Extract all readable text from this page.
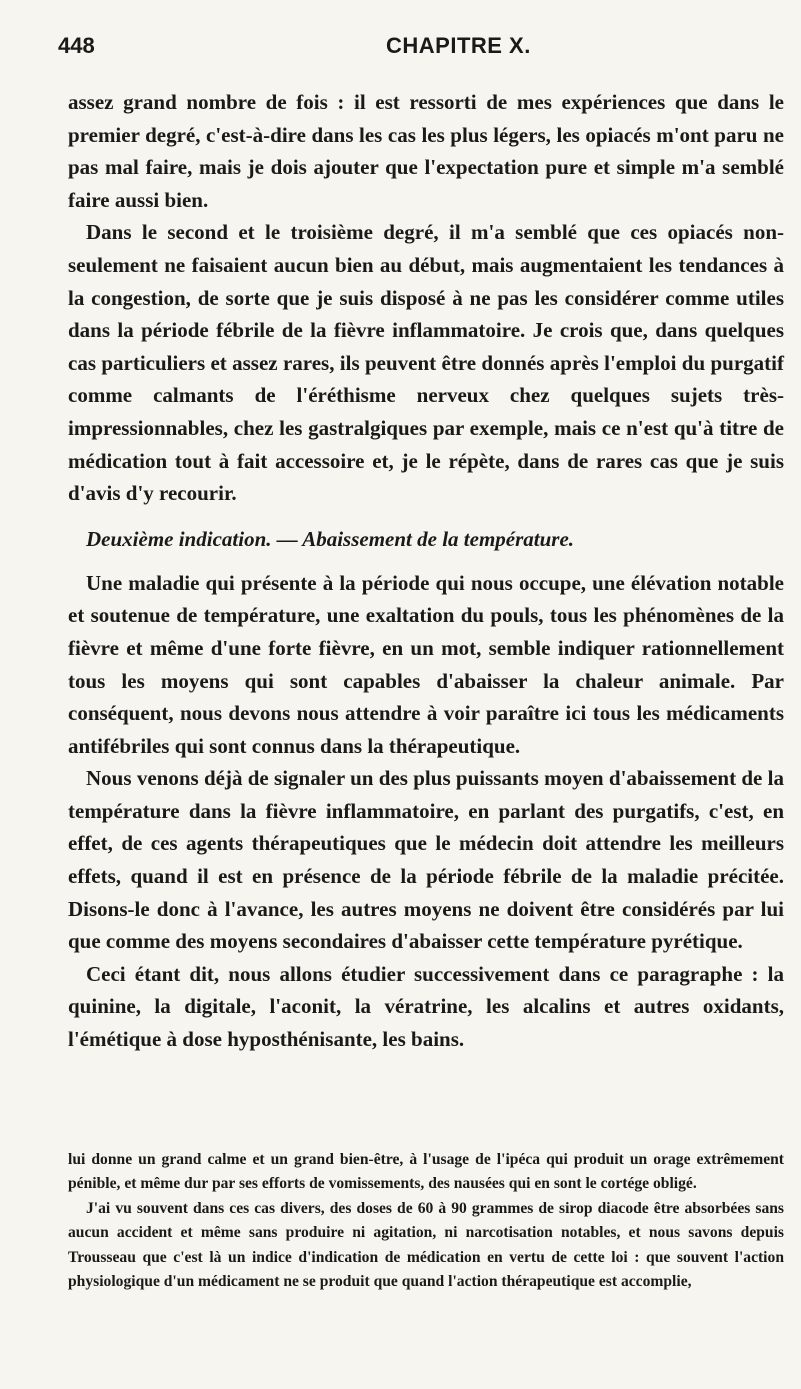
448	CHAPITRE X.

assez grand nombre de fois : il est ressorti de mes expériences que dans le premier degré, c'est-à-dire dans les cas les plus légers, les opiacés m'ont paru ne pas mal faire, mais je dois ajouter que l'expectation pure et simple m'a semblé faire aussi bien.

Dans le second et le troisième degré, il m'a semblé que ces opiacés non-seulement ne faisaient aucun bien au début, mais augmentaient les tendances à la congestion, de sorte que je suis disposé à ne pas les considérer comme utiles dans la période fébrile de la fièvre inflammatoire. Je crois que, dans quelques cas particuliers et assez rares, ils peuvent être donnés après l'emploi du purgatif comme calmants de l'éréthisme nerveux chez quelques sujets très-impressionnables, chez les gastralgiques par exemple, mais ce n'est qu'à titre de médication tout à fait accessoire et, je le répète, dans de rares cas que je suis d'avis d'y recourir.

Deuxième indication. — Abaissement de la température.

Une maladie qui présente à la période qui nous occupe, une élévation notable et soutenue de température, une exaltation du pouls, tous les phénomènes de la fièvre et même d'une forte fièvre, en un mot, semble indiquer rationnellement tous les moyens qui sont capables d'abaisser la chaleur animale. Par conséquent, nous devons nous attendre à voir paraître ici tous les médicaments antifébriles qui sont connus dans la thérapeutique.

Nous venons déjà de signaler un des plus puissants moyen d'abaissement de la température dans la fièvre inflammatoire, en parlant des purgatifs, c'est, en effet, de ces agents thérapeutiques que le médecin doit attendre les meilleurs effets, quand il est en présence de la période fébrile de la maladie précitée. Disons-le donc à l'avance, les autres moyens ne doivent être considérés par lui que comme des moyens secondaires d'abaisser cette température pyrétique.

Ceci étant dit, nous allons étudier successivement dans ce paragraphe : la quinine, la digitale, l'aconit, la vératrine, les alcalins et autres oxidants, l'émétique à dose hyposthénisante, les bains.

lui donne un grand calme et un grand bien-être, à l'usage de l'ipéca qui produit un orage extrêmement pénible, et même dur par ses efforts de vomissements, des nausées qui en sont le cortége obligé.

J'ai vu souvent dans ces cas divers, des doses de 60 à 90 grammes de sirop diacode être absorbées sans aucun accident et même sans produire ni agitation, ni narcotisation notables, et nous savons depuis Trousseau que c'est là un indice d'indication de médication en vertu de cette loi : que souvent l'action physiologique d'un médicament ne se produit que quand l'action thérapeutique est accomplie,
